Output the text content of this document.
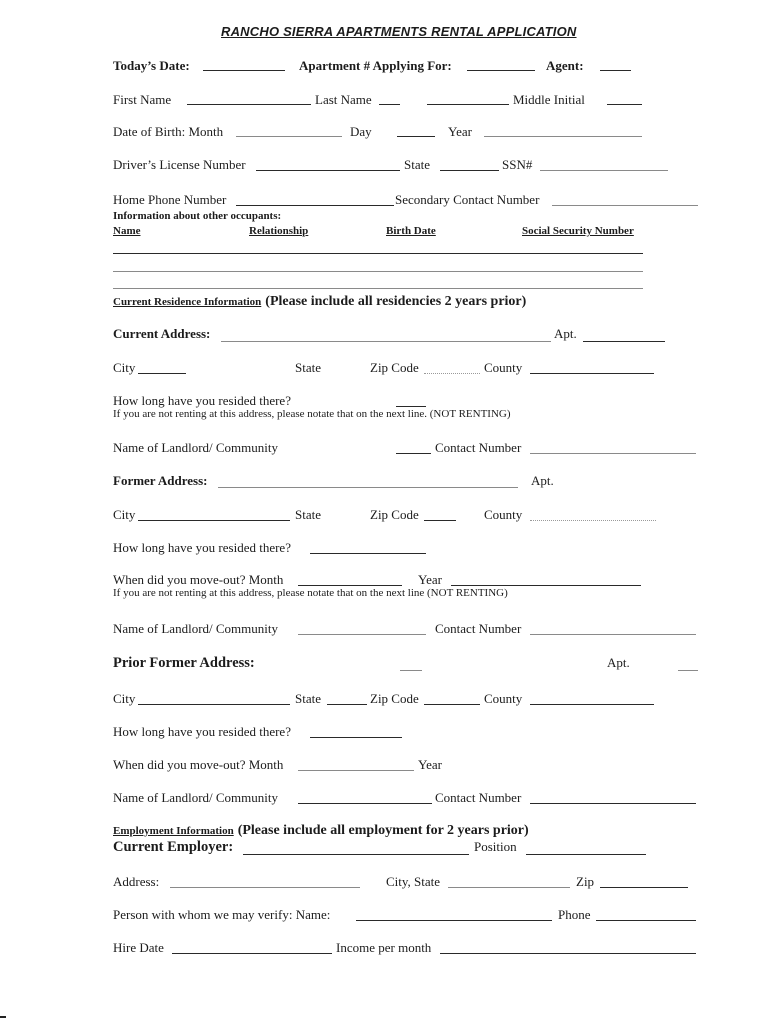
RANCHO SIERRA APARTMENTS RENTAL APPLICATION
Today’s Date:	Apartment # Applying For:	Agent:
First Name	Last Name	Middle Initial
Date of Birth: Month	Day	Year
Driver’s License Number	State	SSN#
Home Phone Number	Secondary Contact Number
Information about other occupants:
Name	Relationship	Birth Date	Social Security Number
Current Residence Information (Please include all residencies 2 years prior)
Current Address:	Apt.
City	State	Zip Code	County
How long have you resided there?
If you are not renting at this address, please notate that on the next line. (NOT RENTING)
Name of Landlord/ Community	Contact Number
Former Address:	Apt.
City	State	Zip Code	County
How long have you resided there?
When did you move-out? Month	Year
If you are not renting at this address, please notate that on the next line (NOT RENTING)
Name of Landlord/ Community	Contact Number
Prior Former Address:	Apt.
City	State	Zip Code	County
How long have you resided there?
When did you move-out? Month	Year
Name of Landlord/ Community	Contact Number
Employment Information (Please include all employment for 2 years prior)
Current Employer:	Position
Address:	City, State	Zip
Person with whom we may verify: Name:	Phone
Hire Date	Income per month
